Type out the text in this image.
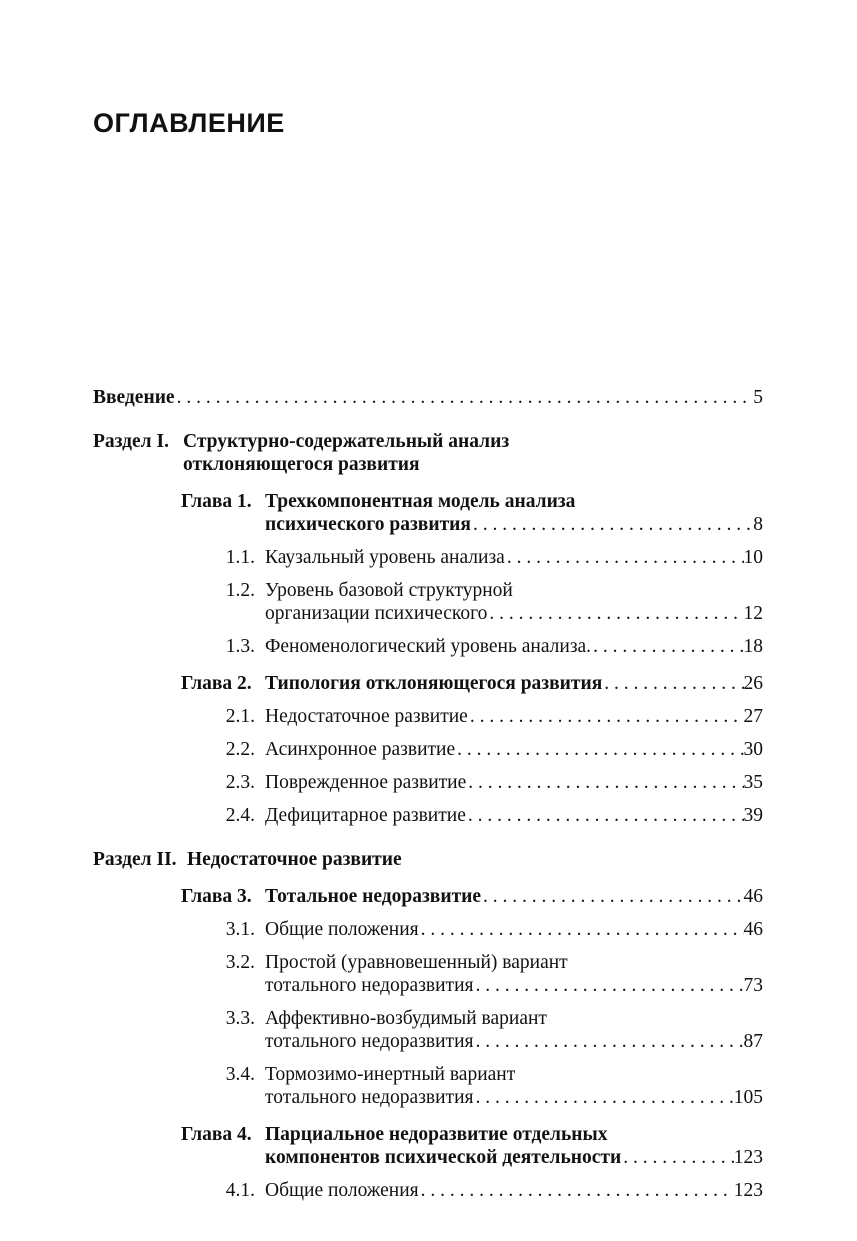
ОГЛАВЛЕНИЕ
Введение . . .	5
Раздел I. Структурно-содержательный анализ
отклоняющегося развития
Глава 1. Трехкомпонентная модель анализа
психического развития . . .	8
1.1. Каузальный уровень анализа . . .	10
1.2. Уровень базовой структурной
организации психического . . .	12
1.3. Феноменологический уровень анализа. . . .	18
Глава 2. Типология отклоняющегося развития . . .	26
2.1. Недостаточное развитие . . .	27
2.2. Асинхронное развитие . . .	30
2.3. Поврежденное развитие . . .	35
2.4. Дефицитарное развитие . . .	39
Раздел II. Недостаточное развитие
Глава 3. Тотальное недоразвитие . . .	46
3.1. Общие положения . . .	46
3.2. Простой (уравновешенный) вариант
тотального недоразвития . . .	73
3.3. Аффективно-возбудимый вариант
тотального недоразвития . . .	87
3.4. Тормозимо-инертный вариант
тотального недоразвития . . .	105
Глава 4. Парциальное недоразвитие отдельных
компонентов психической деятельности . . .	123
4.1. Общие положения . . .	123
